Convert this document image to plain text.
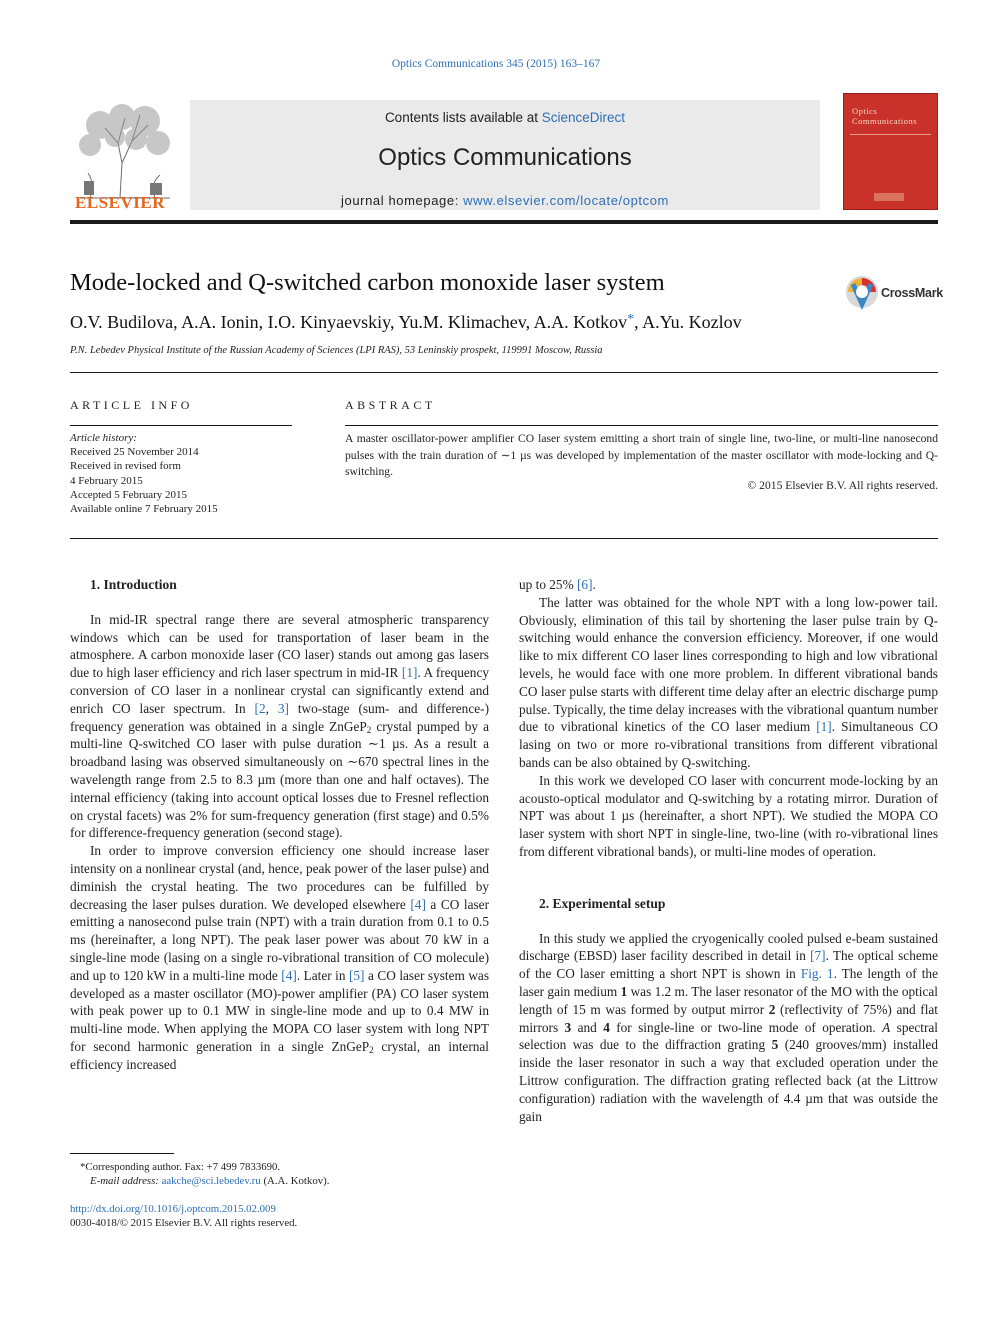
Optics Communications 345 (2015) 163–167
ELSEVIER
Contents lists available at ScienceDirect
Optics Communications
journal homepage: www.elsevier.com/locate/optcom
Optics Communications
Mode-locked and Q-switched carbon monoxide laser system	CrossMark
O.V. Budilova, A.A. Ionin, I.O. Kinyaevskiy, Yu.M. Klimachev, A.A. Kotkov*, A.Yu. Kozlov
P.N. Lebedev Physical Institute of the Russian Academy of Sciences (LPI RAS), 53 Leninskiy prospekt, 119991 Moscow, Russia
ARTICLE INFO	ABSTRACT
Article history:
Received 25 November 2014
Received in revised form
4 February 2015
Accepted 5 February 2015
Available online 7 February 2015
A master oscillator-power amplifier CO laser system emitting a short train of single line, two-line, or multi-line nanosecond pulses with the train duration of ∼1 µs was developed by implementation of the master oscillator with mode-locking and Q-switching.
© 2015 Elsevier B.V. All rights reserved.

1. Introduction

In mid-IR spectral range there are several atmospheric transparency windows which can be used for transportation of laser beam in the atmosphere. A carbon monoxide laser (CO laser) stands out among gas lasers due to high laser efficiency and rich laser spectrum in mid-IR [1]. A frequency conversion of CO laser in a nonlinear crystal can significantly extend and enrich CO laser spectrum. In [2, 3] two-stage (sum- and difference-) frequency generation was obtained in a single ZnGeP$_2$ crystal pumped by a multi-line Q-switched CO laser with pulse duration ∼1 µs. As a result a broadband lasing was observed simultaneously on ∼670 spectral lines in the wavelength range from 2.5 to 8.3 µm (more than one and half octaves). The internal efficiency (taking into account optical losses due to Fresnel reflection on crystal facets) was 2% for sum-frequency generation (first stage) and 0.5% for difference-frequency generation (second stage).

In order to improve conversion efficiency one should increase laser intensity on a nonlinear crystal (and, hence, peak power of the laser pulse) and diminish the crystal heating. The two procedures can be fulfilled by decreasing the laser pulses duration. We developed elsewhere [4] a CO laser emitting a nanosecond pulse train (NPT) with a train duration from 0.1 to 0.5 ms (hereinafter, a long NPT). The peak laser power was about 70 kW in a single-line mode (lasing on a single ro-vibrational transition of CO molecule) and up to 120 kW in a multi-line mode [4]. Later in [5] a CO laser system was developed as a master oscillator (MO)-power amplifier (PA) CO laser system with peak power up to 0.1 MW in single-line mode and up to 0.4 MW in multi-line mode. When applying the MOPA CO laser system with long NPT for second harmonic generation in a single ZnGeP$_2$ crystal, an internal efficiency increased

up to 25% [6].

The latter was obtained for the whole NPT with a long low-power tail. Obviously, elimination of this tail by shortening the laser pulse train by Q-switching would enhance the conversion efficiency. Moreover, if one would like to mix different CO laser lines corresponding to high and low vibrational levels, he would face with one more problem. In different vibrational bands CO laser pulse starts with different time delay after an electric discharge pump pulse. Typically, the time delay increases with the vibrational quantum number due to vibrational kinetics of the CO laser medium [1]. Simultaneous CO lasing on two or more ro-vibrational transitions from different vibrational bands can be also obtained by Q-switching.

In this work we developed CO laser with concurrent mode-locking by an acousto-optical modulator and Q-switching by a rotating mirror. Duration of NPT was about 1 µs (hereinafter, a short NPT). We studied the MOPA CO laser system with short NPT in single-line, two-line (with ro-vibrational lines from different vibrational bands), or multi-line modes of operation.

2. Experimental setup

In this study we applied the cryogenically cooled pulsed e-beam sustained discharge (EBSD) laser facility described in detail in [7]. The optical scheme of the CO laser emitting a short NPT is shown in Fig. 1. The length of the laser gain medium 1 was 1.2 m. The laser resonator of the MO with the optical length of 15 m was formed by output mirror 2 (reflectivity of 75%) and flat mirrors 3 and 4 for single-line or two-line mode of operation. A spectral selection was due to the diffraction grating 5 (240 grooves/mm) installed inside the laser resonator in such a way that excluded operation under the Littrow configuration. The diffraction grating reflected back (at the Littrow configuration) radiation with the wavelength of 4.4 µm that was outside the gain

*Corresponding author. Fax: +7 499 7833690.
E-mail address: aakche@sci.lebedev.ru (A.A. Kotkov).
http://dx.doi.org/10.1016/j.optcom.2015.02.009
0030-4018/© 2015 Elsevier B.V. All rights reserved.
